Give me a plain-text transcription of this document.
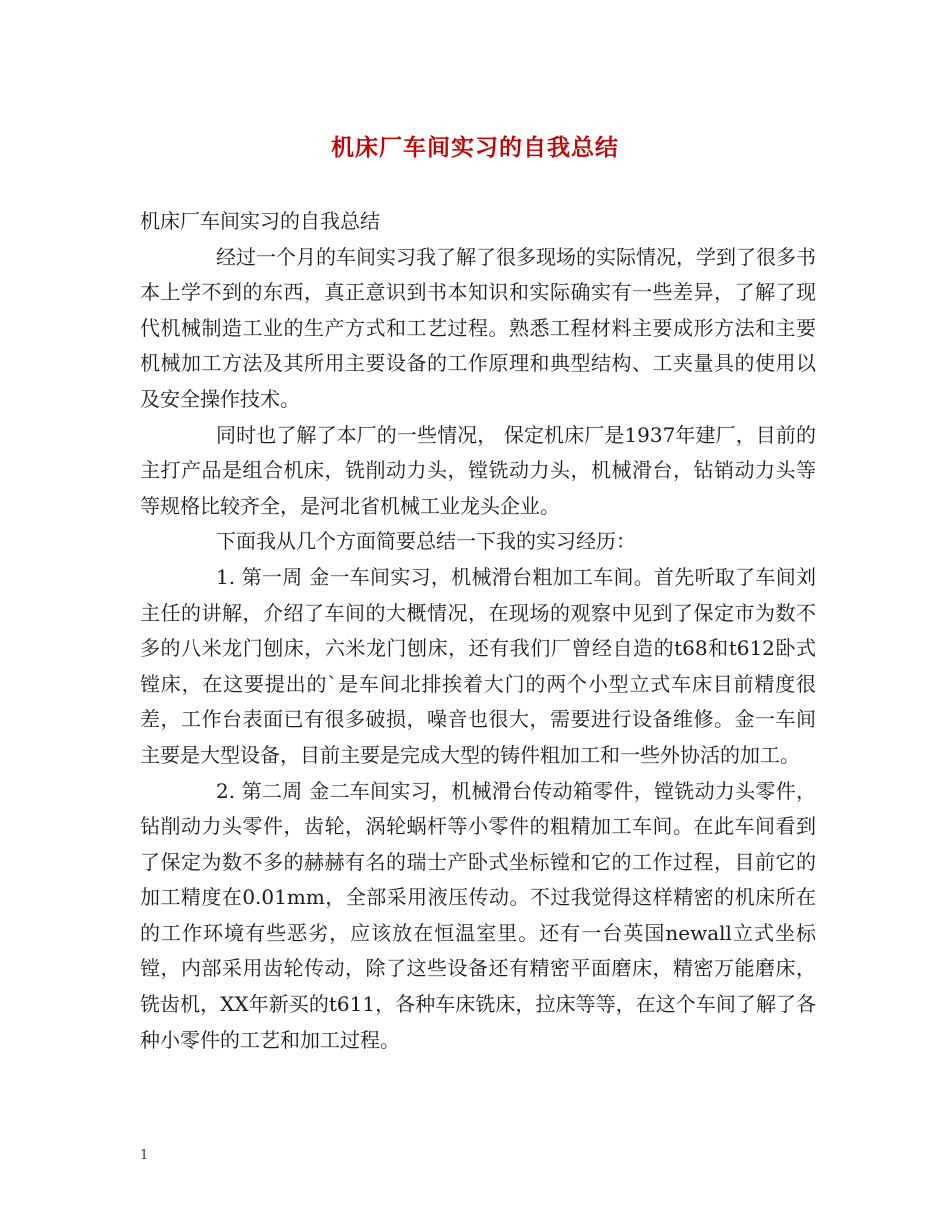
机床厂车间实习的自我总结

机床厂车间实习的自我总结

经过一个月的车间实习我了解了很多现场的实际情况，学到了很多书本上学不到的东西，真正意识到书本知识和实际确实有一些差异，了解了现代机械制造工业的生产方式和工艺过程。熟悉工程材料主要成形方法和主要机械加工方法及其所用主要设备的工作原理和典型结构、工夹量具的使用以及安全操作技术。

同时也了解了本厂的一些情况， 保定机床厂是1937年建厂，目前的主打产品是组合机床，铣削动力头，镗铣动力头，机械滑台，钻销动力头等等规格比较齐全，是河北省机械工业龙头企业。

下面我从几个方面简要总结一下我的实习经历：

1. 第一周 金一车间实习，机械滑台粗加工车间。首先听取了车间刘主任的讲解，介绍了车间的大概情况，在现场的观察中见到了保定市为数不多的八米龙门刨床，六米龙门刨床，还有我们厂曾经自造的t68和t612卧式镗床，在这要提出的`是车间北排挨着大门的两个小型立式车床目前精度很差，工作台表面已有很多破损，噪音也很大，需要进行设备维修。金一车间主要是大型设备，目前主要是完成大型的铸件粗加工和一些外协活的加工。

2. 第二周 金二车间实习，机械滑台传动箱零件，镗铣动力头零件，钻削动力头零件，齿轮，涡轮蜗杆等小零件的粗精加工车间。在此车间看到了保定为数不多的赫赫有名的瑞士产卧式坐标镗和它的工作过程，目前它的加工精度在0.01mm，全部采用液压传动。不过我觉得这样精密的机床所在的工作环境有些恶劣，应该放在恒温室里。还有一台英国newall立式坐标镗，内部采用齿轮传动，除了这些设备还有精密平面磨床，精密万能磨床，铣齿机，XX年新买的t611，各种车床铣床，拉床等等，在这个车间了解了各种小零件的工艺和加工过程。

1
